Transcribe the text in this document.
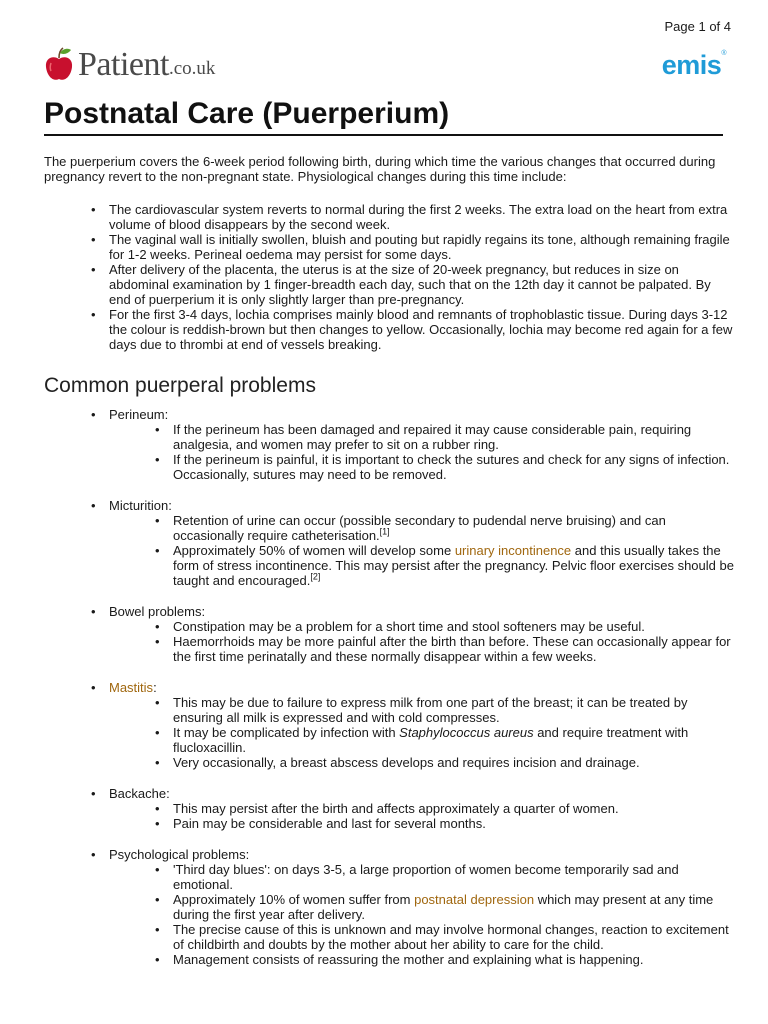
Page 1 of 4
Patient .co.uk	emis®
Postnatal Care (Puerperium)

The puerperium covers the 6-week period following birth, during which time the various changes that occurred during pregnancy revert to the non-pregnant state. Physiological changes during this time include:

• The cardiovascular system reverts to normal during the first 2 weeks. The extra load on the heart from extra volume of blood disappears by the second week.
• The vaginal wall is initially swollen, bluish and pouting but rapidly regains its tone, although remaining fragile for 1-2 weeks. Perineal oedema may persist for some days.
• After delivery of the placenta, the uterus is at the size of 20-week pregnancy, but reduces in size on abdominal examination by 1 finger-breadth each day, such that on the 12th day it cannot be palpated. By end of puerperium it is only slightly larger than pre-pregnancy.
• For the first 3-4 days, lochia comprises mainly blood and remnants of trophoblastic tissue. During days 3-12 the colour is reddish-brown but then changes to yellow. Occasionally, lochia may become red again for a few days due to thrombi at end of vessels breaking.
Common puerperal problems
• Perineum:
• If the perineum has been damaged and repaired it may cause considerable pain, requiring analgesia, and women may prefer to sit on a rubber ring.
• If the perineum is painful, it is important to check the sutures and check for any signs of infection. Occasionally, sutures may need to be removed.
• Micturition:
• Retention of urine can occur (possible secondary to pudendal nerve bruising) and can occasionally require catheterisation.[1]
• Approximately 50% of women will develop some urinary incontinence and this usually takes the form of stress incontinence. This may persist after the pregnancy. Pelvic floor exercises should be taught and encouraged.[2]
• Bowel problems:
• Constipation may be a problem for a short time and stool softeners may be useful.
• Haemorrhoids may be more painful after the birth than before. These can occasionally appear for the first time perinatally and these normally disappear within a few weeks.
• Mastitis:
• This may be due to failure to express milk from one part of the breast; it can be treated by ensuring all milk is expressed and with cold compresses.
• It may be complicated by infection with Staphylococcus aureus and require treatment with flucloxacillin.
• Very occasionally, a breast abscess develops and requires incision and drainage.
• Backache:
• This may persist after the birth and affects approximately a quarter of women.
• Pain may be considerable and last for several months.
• Psychological problems:
• 'Third day blues': on days 3-5, a large proportion of women become temporarily sad and emotional.
• Approximately 10% of women suffer from postnatal depression which may present at any time during the first year after delivery.
• The precise cause of this is unknown and may involve hormonal changes, reaction to excitement of childbirth and doubts by the mother about her ability to care for the child.
• Management consists of reassuring the mother and explaining what is happening.
